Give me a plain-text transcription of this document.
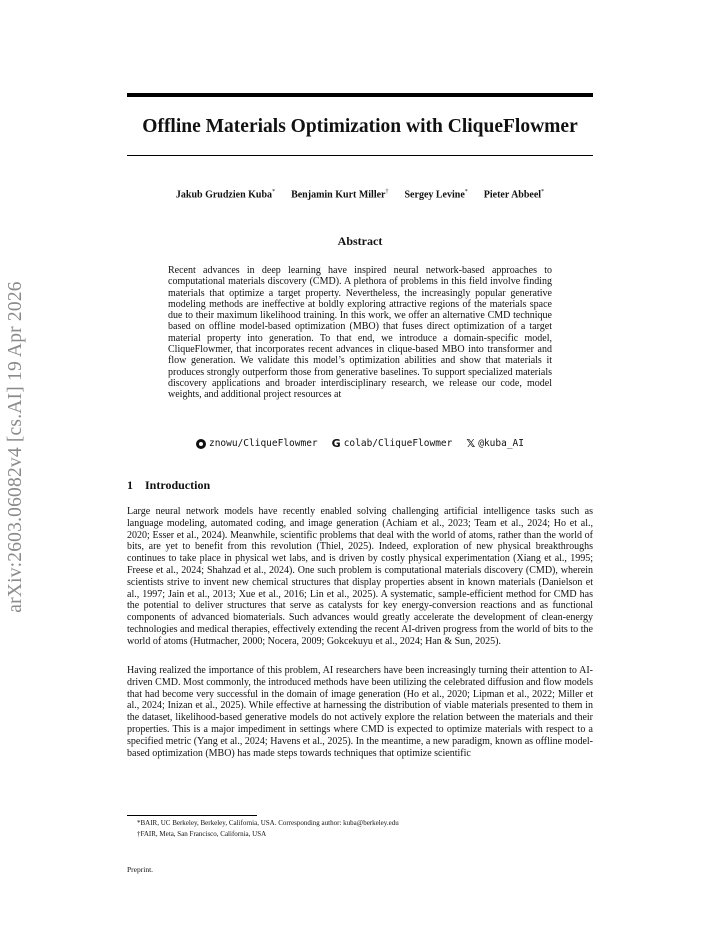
arXiv:2603.06082v4 [cs.AI] 19 Apr 2026
Offline Materials Optimization with CliqueFlowmer
Jakub Grudzien Kuba* Benjamin Kurt Miller† Sergey Levine* Pieter Abbeel*
Abstract

Recent advances in deep learning have inspired neural network-based approaches to computational materials discovery (CMD). A plethora of problems in this field involve finding materials that optimize a target property. Nevertheless, the increasingly popular generative modeling methods are ineffective at boldly exploring attractive regions of the materials space due to their maximum likelihood training. In this work, we offer an alternative CMD technique based on offline model-based optimization (MBO) that fuses direct optimization of a target material property into generation. To that end, we introduce a domain-specific model, CliqueFlowmer, that incorporates recent advances in clique-based MBO into transformer and flow generation. We validate this model’s optimization abilities and show that materials it produces strongly outperform those from generative baselines. To support specialized materials discovery applications and broader interdisciplinary research, we release our code, model weights, and additional project resources at

znowu/CliqueFlowmer G colab/CliqueFlowmer 𝕏 @kuba_AI
1 Introduction

Large neural network models have recently enabled solving challenging artificial intelligence tasks such as language modeling, automated coding, and image generation (Achiam et al., 2023; Team et al., 2024; Ho et al., 2020; Esser et al., 2024). Meanwhile, scientific problems that deal with the world of atoms, rather than the world of bits, are yet to benefit from this revolution (Thiel, 2025). Indeed, exploration of new physical breakthroughs continues to take place in physical wet labs, and is driven by costly physical experimentation (Xiang et al., 1995; Freese et al., 2024; Shahzad et al., 2024). One such problem is computational materials discovery (CMD), wherein scientists strive to invent new chemical structures that display properties absent in known materials (Danielson et al., 1997; Jain et al., 2013; Xue et al., 2016; Lin et al., 2025). A systematic, sample-efficient method for CMD has the potential to deliver structures that serve as catalysts for key energy-conversion reactions and as functional components of advanced biomaterials. Such advances would greatly accelerate the development of clean-energy technologies and medical therapies, effectively extending the recent AI-driven progress from the world of bits to the world of atoms (Hutmacher, 2000; Nocera, 2009; Gokcekuyu et al., 2024; Han & Sun, 2025).

Having realized the importance of this problem, AI researchers have been increasingly turning their attention to AI-driven CMD. Most commonly, the introduced methods have been utilizing the celebrated diffusion and flow models that had become very successful in the domain of image generation (Ho et al., 2020; Lipman et al., 2022; Miller et al., 2024; Inizan et al., 2025). While effective at harnessing the distribution of viable materials presented to them in the dataset, likelihood-based generative models do not actively explore the relation between the materials and their properties. This is a major impediment in settings where CMD is expected to optimize materials with respect to a specified metric (Yang et al., 2024; Havens et al., 2025). In the meantime, a new paradigm, known as offline model-based optimization (MBO) has made steps towards techniques that optimize scientific

*BAIR, UC Berkeley, Berkeley, California, USA. Corresponding author: kuba@berkeley.edu

†FAIR, Meta, San Francisco, California, USA

Preprint.
